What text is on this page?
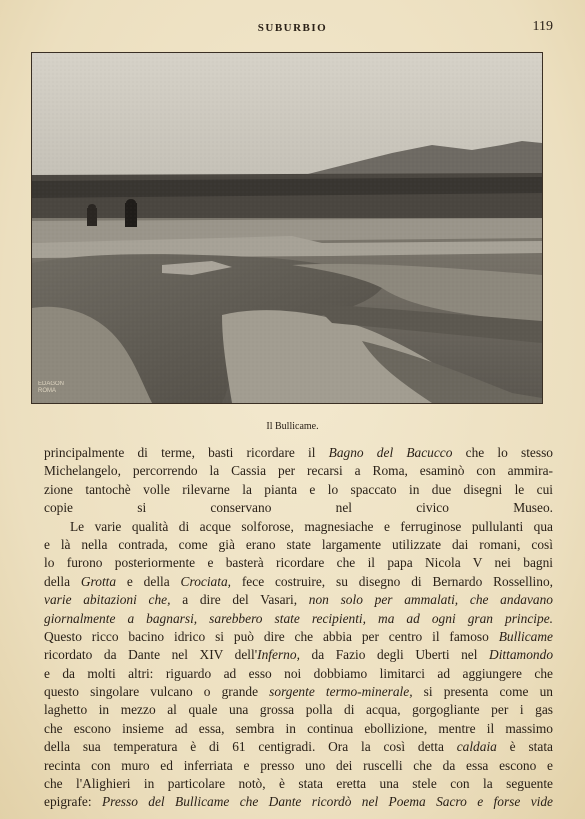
SUBURBIO	119
EDAGON
ROMA
Il Bullicame.
principalmente di terme, basti ricordare il Bagno del Bacucco che lo stesso
Michelangelo, percorrendo la Cassia per recarsi a Roma, esaminò con ammira-
zione tantochè volle rilevarne la pianta e lo spaccato in due disegni le cui
copie si conservano nel civico Museo.
Le varie qualità di acque solforose, magnesiache e ferruginose pullulanti qua
e là nella contrada, come già erano state largamente utilizzate dai romani, così
lo furono posteriormente e basterà ricordare che il papa Nicola V nei bagni
della Grotta e della Crociata, fece costruire, su disegno di Bernardo Rossellino,
varie abitazioni che, a dire del Vasari, non solo per ammalati, che andavano
giornalmente a bagnarsi, sarebbero state recipienti, ma ad ogni gran principe.
Questo ricco bacino idrico si può dire che abbia per centro il famoso Bullicame
ricordato da Dante nel XIV dell'Inferno, da Fazio degli Uberti nel Dittamondo
e da molti altri: riguardo ad esso noi dobbiamo limitarci ad aggiungere che
questo singolare vulcano o grande sorgente termo-minerale, si presenta come un
laghetto in mezzo al quale una grossa polla di acqua, gorgogliante per i gas
che escono insieme ad essa, sembra in continua ebollizione, mentre il massimo
della sua temperatura è di 61 centigradi. Ora la così detta caldaia è stata
recinta con muro ed inferriata e presso uno dei ruscelli che da essa escono e
che l'Alighieri in particolare notò, è stata eretta una stele con la seguente
epigrafe: Presso del Bullicame che Dante ricordò nel Poema Sacro e forse vide
